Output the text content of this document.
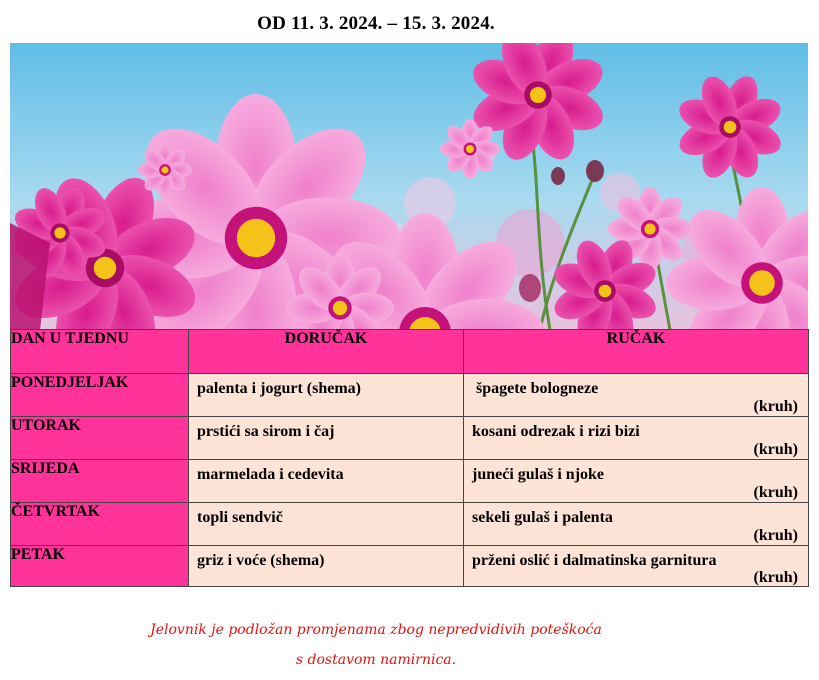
OD 11. 3. 2024. – 15. 3. 2024.
DAN U TJEDNU	DORUČAK	RUČAK
PONEDJELJAK	palenta i jogurt (shema)	špagete bologneze
(kruh)

UTORAK	prstići sa sirom i čaj	kosani odrezak i rizi bizi
(kruh)

SRIJEDA	marmelada i cedevita	juneći gulaš i njoke
(kruh)

ČETVRTAK	topli sendvič	sekeli gulaš i palenta
(kruh)

PETAK	griz i voće (shema)	prženi oslić i dalmatinska garnitura
(kruh)
Jelovnik je podložan promjenama zbog nepredvidivih poteškoća
s dostavom namirnica.
